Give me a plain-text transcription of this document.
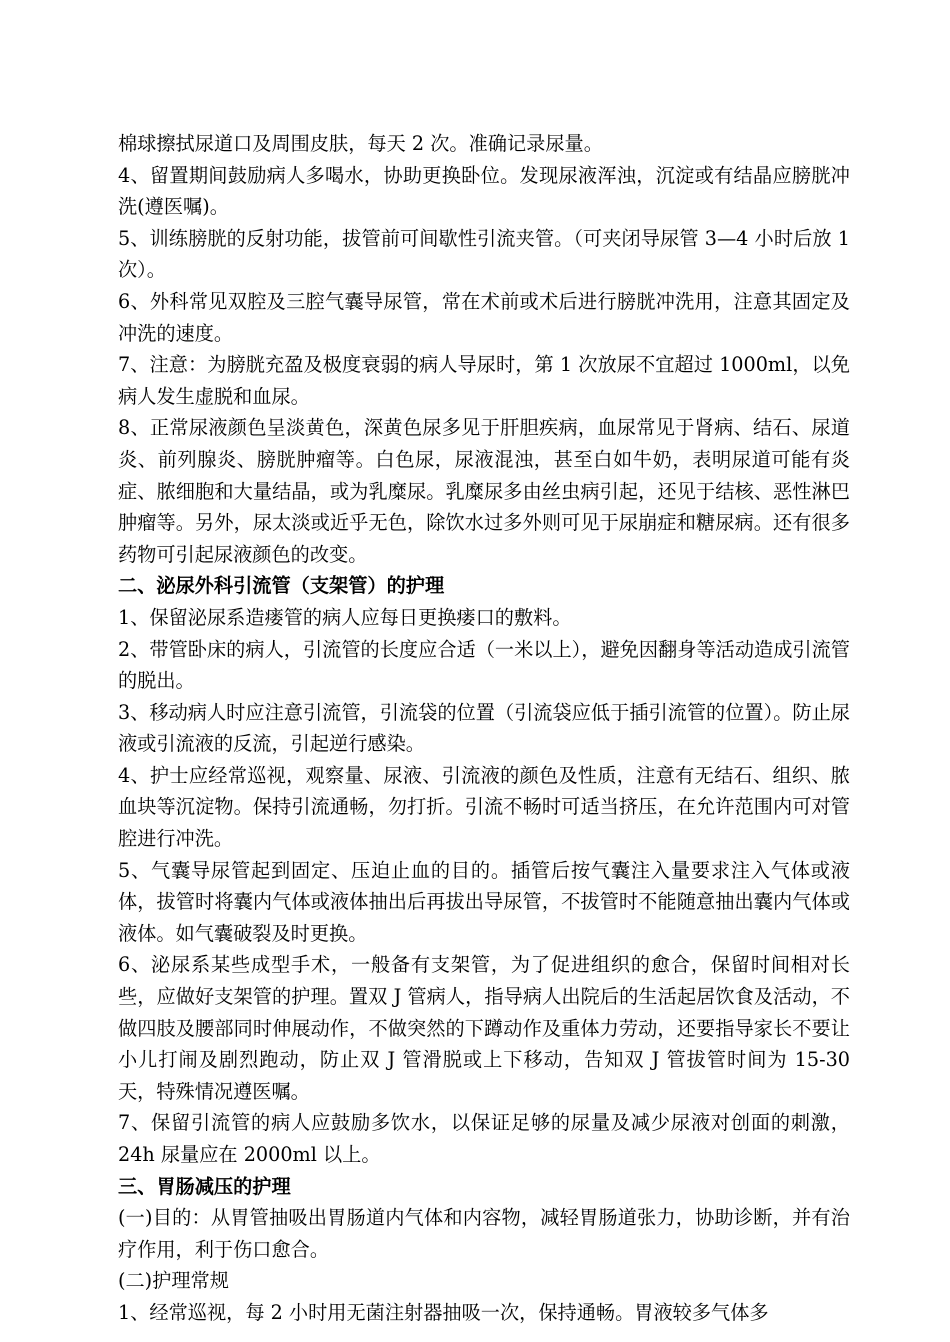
棉球擦拭尿道口及周围皮肤，每天 2 次。准确记录尿量。

4、留置期间鼓励病人多喝水，协助更换卧位。发现尿液浑浊，沉淀或有结晶应膀胱冲洗(遵医嘱)。

5、训练膀胱的反射功能，拔管前可间歇性引流夹管。（可夹闭导尿管 3—4 小时后放 1 次）。

6、外科常见双腔及三腔气囊导尿管，常在术前或术后进行膀胱冲洗用，注意其固定及冲洗的速度。

7、注意：为膀胱充盈及极度衰弱的病人导尿时，第 1 次放尿不宜超过 1000ml，以免病人发生虚脱和血尿。

8、正常尿液颜色呈淡黄色，深黄色尿多见于肝胆疾病，血尿常见于肾病、结石、尿道炎、前列腺炎、膀胱肿瘤等。白色尿，尿液混浊，甚至白如牛奶，表明尿道可能有炎症、脓细胞和大量结晶，或为乳糜尿。乳糜尿多由丝虫病引起，还见于结核、恶性淋巴肿瘤等。另外，尿太淡或近乎无色，除饮水过多外则可见于尿崩症和糖尿病。还有很多药物可引起尿液颜色的改变。

二、泌尿外科引流管（支架管）的护理

1、保留泌尿系造瘘管的病人应每日更换瘘口的敷料。

2、带管卧床的病人，引流管的长度应合适（一米以上），避免因翻身等活动造成引流管的脱出。

3、移动病人时应注意引流管，引流袋的位置（引流袋应低于插引流管的位置）。防止尿液或引流液的反流，引起逆行感染。

4、护士应经常巡视，观察量、尿液、引流液的颜色及性质，注意有无结石、组织、脓血块等沉淀物。保持引流通畅，勿打折。引流不畅时可适当挤压，在允许范围内可对管腔进行冲洗。

5、气囊导尿管起到固定、压迫止血的目的。插管后按气囊注入量要求注入气体或液体，拔管时将囊内气体或液体抽出后再拔出导尿管，不拔管时不能随意抽出囊内气体或液体。如气囊破裂及时更换。

6、泌尿系某些成型手术，一般备有支架管，为了促进组织的愈合，保留时间相对长些，应做好支架管的护理。置双 J 管病人，指导病人出院后的生活起居饮食及活动，不做四肢及腰部同时伸展动作，不做突然的下蹲动作及重体力劳动，还要指导家长不要让小儿打闹及剧烈跑动，防止双 J 管滑脱或上下移动，告知双 J 管拔管时间为 15-30 天，特殊情况遵医嘱。

7、保留引流管的病人应鼓励多饮水，以保证足够的尿量及减少尿液对创面的刺激，24h 尿量应在 2000ml 以上。

三、胃肠减压的护理

(一)目的：从胃管抽吸出胃肠道内气体和内容物，减轻胃肠道张力，协助诊断，并有治疗作用，利于伤口愈合。

(二)护理常规

1、经常巡视，每 2 小时用无菌注射器抽吸一次，保持通畅。胃液较多气体多
